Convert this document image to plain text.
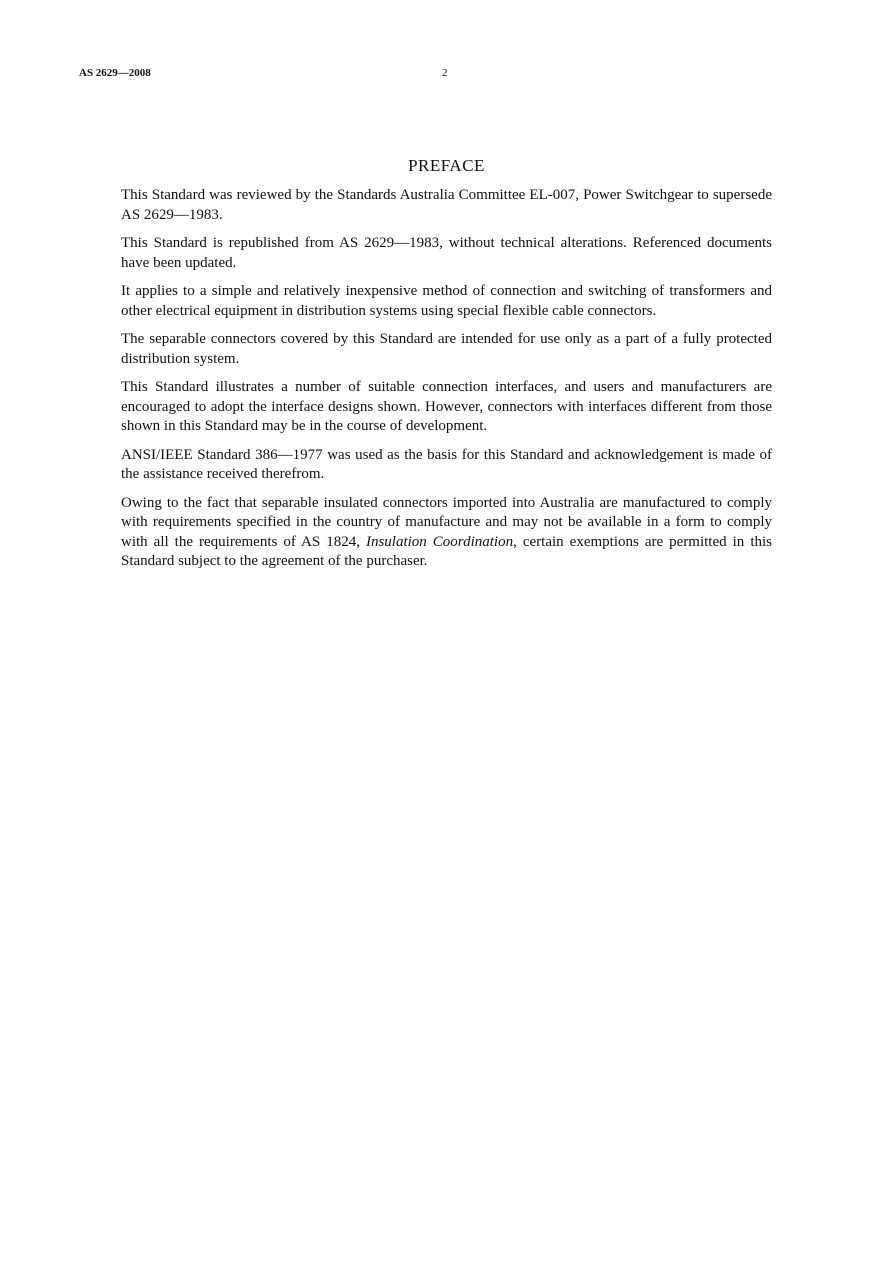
AS 2629—2008	2
PREFACE

This Standard was reviewed by the Standards Australia Committee EL-007, Power Switchgear to supersede AS 2629—1983.

This Standard is republished from AS 2629—1983, without technical alterations. Referenced documents have been updated.

It applies to a simple and relatively inexpensive method of connection and switching of transformers and other electrical equipment in distribution systems using special flexible cable connectors.

The separable connectors covered by this Standard are intended for use only as a part of a fully protected distribution system.

This Standard illustrates a number of suitable connection interfaces, and users and manufacturers are encouraged to adopt the interface designs shown. However, connectors with interfaces different from those shown in this Standard may be in the course of development.

ANSI/IEEE Standard 386—1977 was used as the basis for this Standard and acknowledgement is made of the assistance received therefrom.

Owing to the fact that separable insulated connectors imported into Australia are manufactured to comply with requirements specified in the country of manufacture and may not be available in a form to comply with all the requirements of AS 1824, Insulation Coordination, certain exemptions are permitted in this Standard subject to the agreement of the purchaser.
